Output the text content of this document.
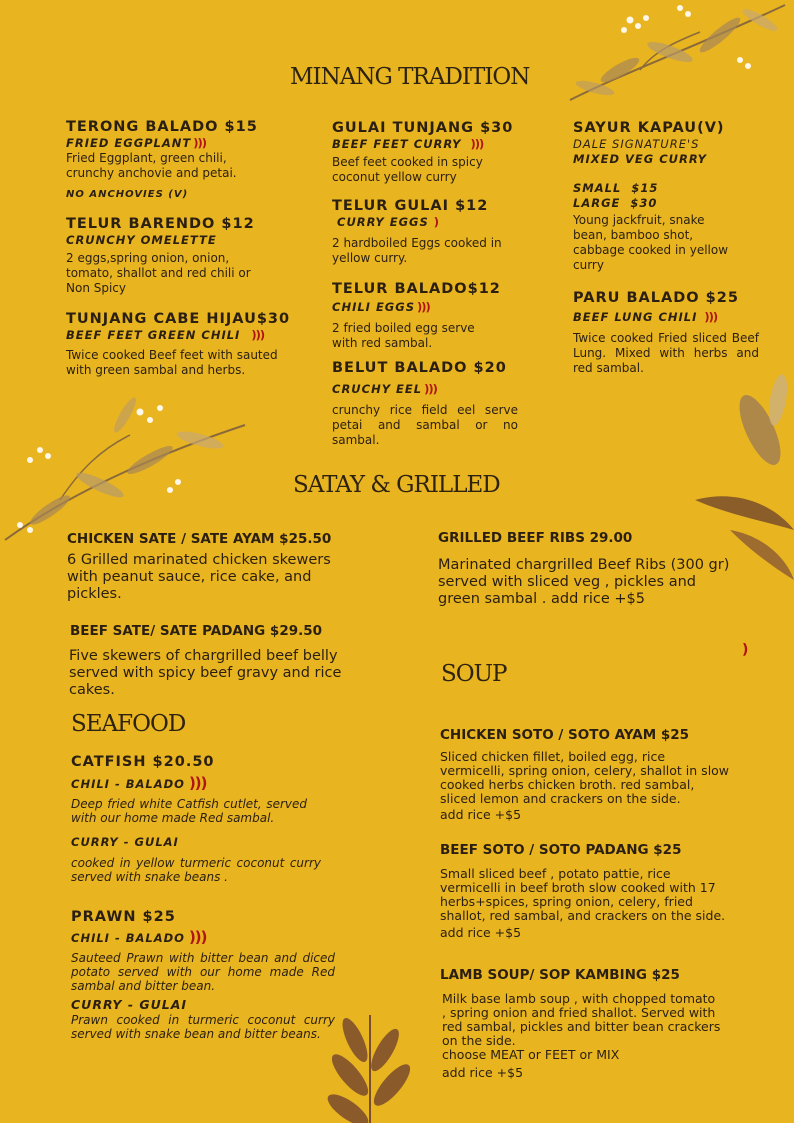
MINANG TRADITION
SATAY & GRILLED
SEAFOOD
SOUP
TERONG BALADO $15
FRIED EGGPLANT )))
Fried Eggplant, green chili, crunchy anchovie and petai.
NO ANCHOVIES (V)
TELUR BARENDO $12
CRUNCHY OMELETTE
2 eggs,spring onion, onion,
tomato, shallot and red chili or
Non Spicy
TUNJANG CABE HIJAU$30
BEEF FEET GREEN CHILI )))
Twice cooked Beef feet with sauted
with green sambal and herbs.
GULAI TUNJANG $30
BEEF FEET CURRY )))
Beef feet cooked in spicy
coconut yellow curry
TELUR GULAI $12
CURRY EGGS )
2 hardboiled Eggs cooked in
yellow curry.
TELUR BALADO$12
CHILI EGGS )))
2 fried boiled egg serve
with red sambal.
BELUT BALADO $20
CRUCHY EEL )))
crunchy rice field eel serve petai and sambal or no sambal.
SAYUR KAPAU(V)
DALE SIGNATURE'S
MIXED VEG CURRY
SMALL $15
LARGE $30
Young jackfruit, snake
bean, bamboo shot,
cabbage cooked in yellow
curry
PARU BALADO $25
BEEF LUNG CHILI )))
Twice cooked Fried sliced Beef Lung. Mixed with herbs and red sambal.
CHICKEN SATE / SATE AYAM $25.50
6 Grilled marinated chicken skewers
with peanut sauce, rice cake, and
pickles.
BEEF SATE/ SATE PADANG $29.50
Five skewers of chargrilled beef belly
served with spicy beef gravy and rice
cakes.
GRILLED BEEF RIBS 29.00
Marinated chargrilled Beef Ribs (300 gr)
served with sliced veg , pickles and
green sambal . add rice +$5
)
CATFISH $20.50
CHILI - BALADO )))
Deep fried white Catfish cutlet, served with our home made Red sambal.
CURRY - GULAI
cooked in yellow turmeric coconut curry served with snake beans .
PRAWN $25
CHILI - BALADO )))
Sauteed Prawn with bitter bean and diced potato served with our home made Red sambal and bitter bean.
CURRY - GULAI
Prawn cooked in turmeric coconut curry served with snake bean and bitter beans.
CHICKEN SOTO / SOTO AYAM $25
Sliced chicken fillet, boiled egg, rice
vermicelli, spring onion, celery, shallot in slow
cooked herbs chicken broth. red sambal,
sliced lemon and crackers on the side.
add rice +$5
BEEF SOTO / SOTO PADANG $25
Small sliced beef , potato pattie, rice
vermicelli in beef broth slow cooked with 17
herbs+spices, spring onion, celery, fried
shallot, red sambal, and crackers on the side.
add rice +$5
LAMB SOUP/ SOP KAMBING $25
Milk base lamb soup , with chopped tomato
, spring onion and fried shallot. Served with
red sambal, pickles and bitter bean crackers
on the side.
choose MEAT or FEET or MIX
add rice +$5
